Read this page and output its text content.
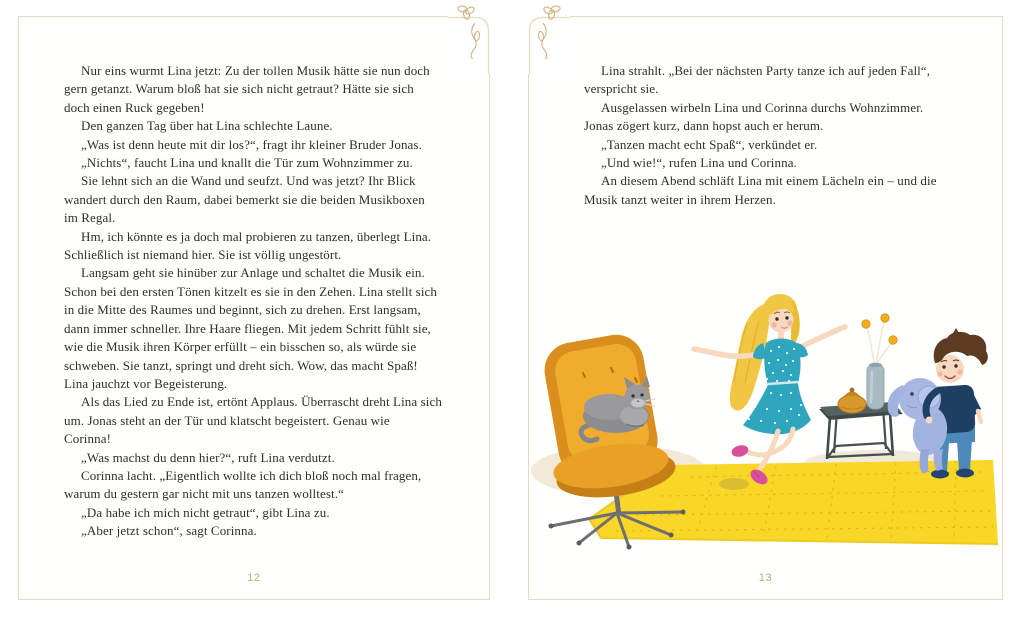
Nur eins wurmt Lina jetzt: Zu der tollen Musik hätte sie nun doch
gern getanzt. Warum bloß hat sie sich nicht getraut? Hätte sie sich
doch einen Ruck gegeben!
Den ganzen Tag über hat Lina schlechte Laune.
„Was ist denn heute mit dir los?“, fragt ihr kleiner Bruder Jonas.
„Nichts“, faucht Lina und knallt die Tür zum Wohnzimmer zu.
Sie lehnt sich an die Wand und seufzt. Und was jetzt? Ihr Blick
wandert durch den Raum, dabei bemerkt sie die beiden Musikboxen
im Regal.
Hm, ich könnte es ja doch mal probieren zu tanzen, überlegt Lina.
Schließlich ist niemand hier. Sie ist völlig ungestört.
Langsam geht sie hinüber zur Anlage und schaltet die Musik ein.
Schon bei den ersten Tönen kitzelt es sie in den Zehen. Lina stellt sich
in die Mitte des Raumes und beginnt, sich zu drehen. Erst langsam,
dann immer schneller. Ihre Haare fliegen. Mit jedem Schritt fühlt sie,
wie die Musik ihren Körper erfüllt – ein bisschen so, als würde sie
schweben. Sie tanzt, springt und dreht sich. Wow, das macht Spaß!
Lina jauchzt vor Begeisterung.
Als das Lied zu Ende ist, ertönt Applaus. Überrascht dreht Lina sich
um. Jonas steht an der Tür und klatscht begeistert. Genau wie
Corinna!
„Was machst du denn hier?“, ruft Lina verdutzt.
Corinna lacht. „Eigentlich wollte ich dich bloß noch mal fragen,
warum du gestern gar nicht mit uns tanzen wolltest.“
„Da habe ich mich nicht getraut“, gibt Lina zu.
„Aber jetzt schon“, sagt Corinna.
12
Lina strahlt. „Bei der nächsten Party tanze ich auf jeden Fall“,
verspricht sie.
Ausgelassen wirbeln Lina und Corinna durchs Wohnzimmer.
Jonas zögert kurz, dann hopst auch er herum.
„Tanzen macht echt Spaß“, verkündet er.
„Und wie!“, rufen Lina und Corinna.
An diesem Abend schläft Lina mit einem Lächeln ein – und die
Musik tanzt weiter in ihrem Herzen.
13
